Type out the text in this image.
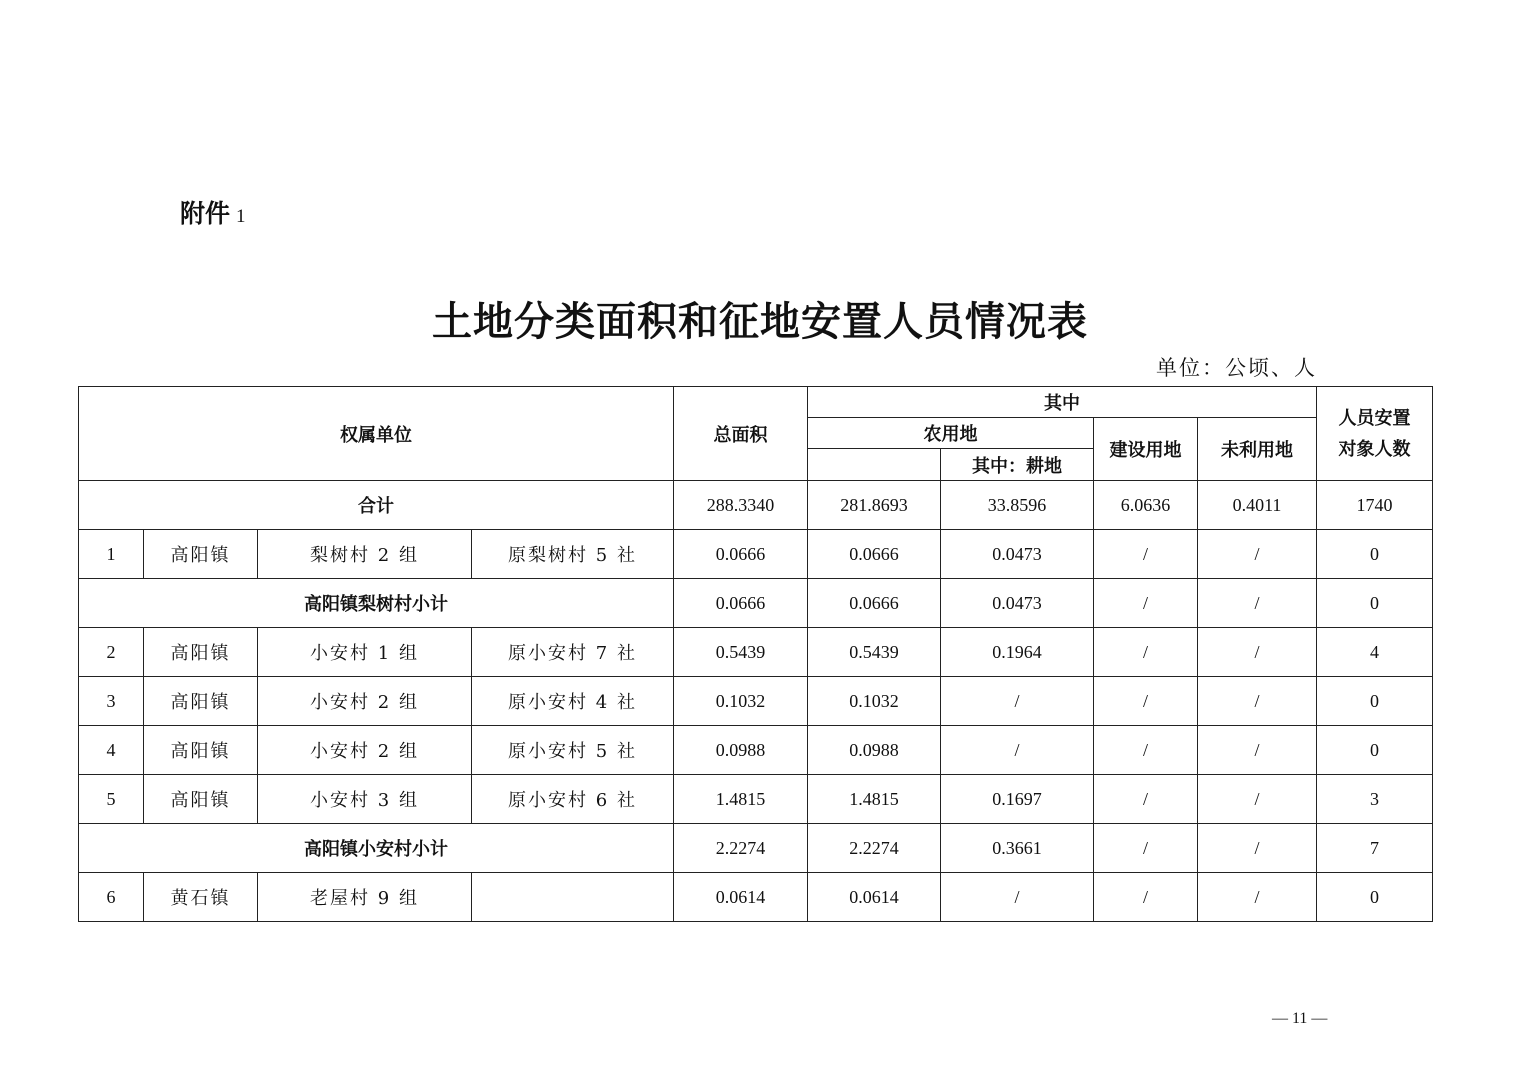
附件 1
土地分类面积和征地安置人员情况表
单位：公顷、人
权属单位				总面积	其中				人员安置
对象人数
					农用地		建设用地	未利用地	
						其中：耕地			
合计				288.3340	281.8693	33.8596	6.0636	0.4011	1740
1	高阳镇	梨树村 2 组	原梨树村 5 社	0.0666	0.0666	0.0473	/	/	0
高阳镇梨树村小计				0.0666	0.0666	0.0473	/	/	0
2	高阳镇	小安村 1 组	原小安村 7 社	0.5439	0.5439	0.1964	/	/	4
3	高阳镇	小安村 2 组	原小安村 4 社	0.1032	0.1032	/	/	/	0
4	高阳镇	小安村 2 组	原小安村 5 社	0.0988	0.0988	/	/	/	0
5	高阳镇	小安村 3 组	原小安村 6 社	1.4815	1.4815	0.1697	/	/	3
高阳镇小安村小计				2.2274	2.2274	0.3661	/	/	7
6	黄石镇	老屋村 9 组		0.0614	0.0614	/	/	/	0
— 11 —
